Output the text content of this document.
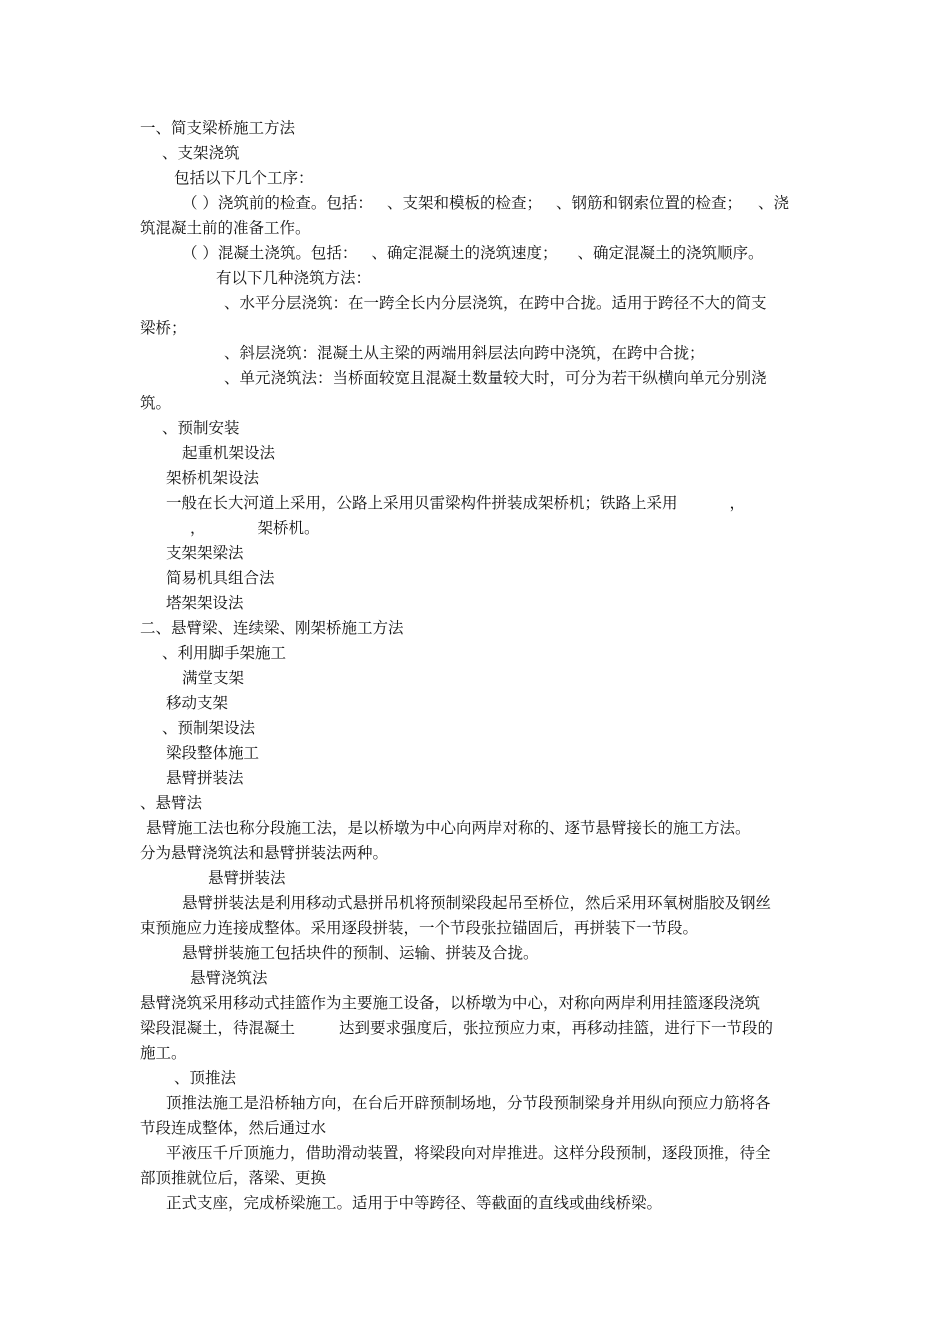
一、简支梁桥施工方法
、支架浇筑
包括以下几个工序：
（ ）浇筑前的检查。包括： 、支架和模板的检查； 、钢筋和钢索位置的检查； 、浇
筑混凝土前的准备工作。
（ ）混凝土浇筑。包括： 、确定混凝土的浇筑速度； 、确定混凝土的浇筑顺序。
有以下几种浇筑方法：
、水平分层浇筑：在一跨全长内分层浇筑，在跨中合拢。适用于跨径不大的简支
梁桥；
、斜层浇筑：混凝土从主梁的两端用斜层法向跨中浇筑，在跨中合拢；
、单元浇筑法：当桥面较宽且混凝土数量较大时，可分为若干纵横向单元分别浇
筑。
、预制安装
起重机架设法
架桥机架设法
一般在长大河道上采用，公路上采用贝雷梁构件拼装成架桥机；铁路上采用	，
，	架桥机。
支架架梁法
简易机具组合法
塔架架设法
二、悬臂梁、连续梁、刚架桥施工方法
、利用脚手架施工
满堂支架
移动支架
、预制架设法
梁段整体施工
悬臂拼装法
、悬臂法
悬臂施工法也称分段施工法，是以桥墩为中心向两岸对称的、逐节悬臂接长的施工方法。
分为悬臂浇筑法和悬臂拼装法两种。
悬臂拼装法
悬臂拼装法是利用移动式悬拼吊机将预制梁段起吊至桥位，然后采用环氧树脂胶及钢丝
束预施应力连接成整体。采用逐段拼装，一个节段张拉锚固后，再拼装下一节段。
悬臂拼装施工包括块件的预制、运输、拼装及合拢。
悬臂浇筑法
悬臂浇筑采用移动式挂篮作为主要施工设备，以桥墩为中心，对称向两岸利用挂篮逐段浇筑
梁段混凝土，待混凝土	达到要求强度后，张拉预应力束，再移动挂篮，进行下一节段的
施工。
、顶推法
顶推法施工是沿桥轴方向，在台后开辟预制场地，分节段预制梁身并用纵向预应力筋将各
节段连成整体，然后通过水
平液压千斤顶施力，借助滑动装置，将梁段向对岸推进。这样分段预制，逐段顶推，待全
部顶推就位后，落梁、更换
正式支座，完成桥梁施工。适用于中等跨径、等截面的直线或曲线桥梁。
